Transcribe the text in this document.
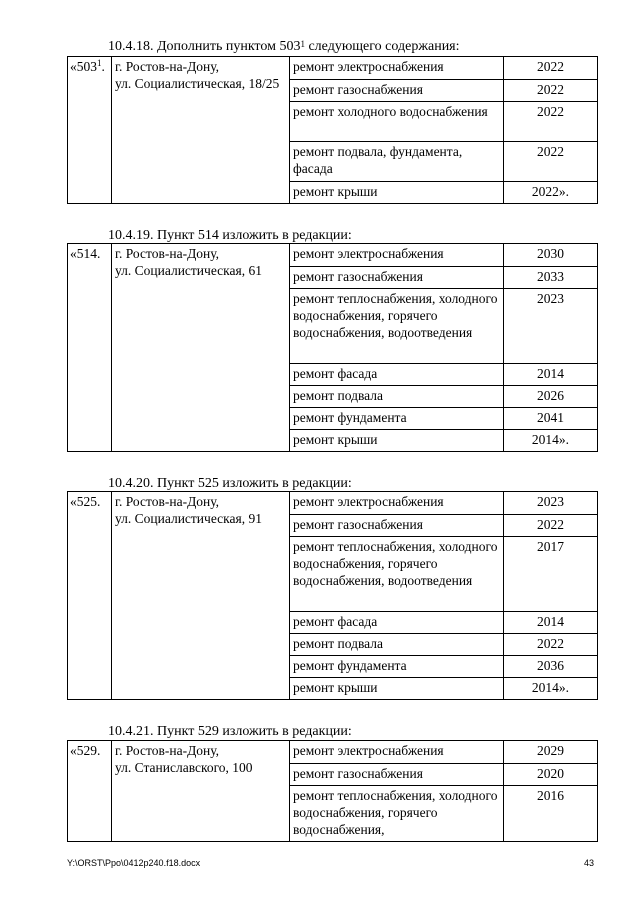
10.4.18. Дополнить пунктом $503^1$ следующего содержания:
«$503^1$.	г. Ростов-на-Дону,
ул. Социалистическая, 18/25	ремонт электроснабжения	2022
		ремонт газоснабжения	2022
		ремонт холодного водоснабжения	2022
		ремонт подвала, фундамента, фасада	2022
		ремонт крыши	2022».
10.4.19. Пункт 514 изложить в редакции:
«514.	г. Ростов-на-Дону,
ул. Социалистическая, 61	ремонт электроснабжения	2030
		ремонт газоснабжения	2033
		ремонт теплоснабжения, холодного водоснабжения, горячего водоснабжения, водоотведения	2023
		ремонт фасада	2014
		ремонт подвала	2026
		ремонт фундамента	2041
		ремонт крыши	2014».
10.4.20. Пункт 525 изложить в редакции:
«525.	г. Ростов-на-Дону,
ул. Социалистическая, 91	ремонт электроснабжения	2023
		ремонт газоснабжения	2022
		ремонт теплоснабжения, холодного водоснабжения, горячего водоснабжения, водоотведения	2017
		ремонт фасада	2014
		ремонт подвала	2022
		ремонт фундамента	2036
		ремонт крыши	2014».
10.4.21. Пункт 529 изложить в редакции:
«529.	г. Ростов-на-Дону,
ул. Станиславского, 100	ремонт электроснабжения	2029
		ремонт газоснабжения	2020
		ремонт теплоснабжения, холодного водоснабжения, горячего водоснабжения,	2016
Y:\ORST\Ppo\0412p240.f18.docx	43
